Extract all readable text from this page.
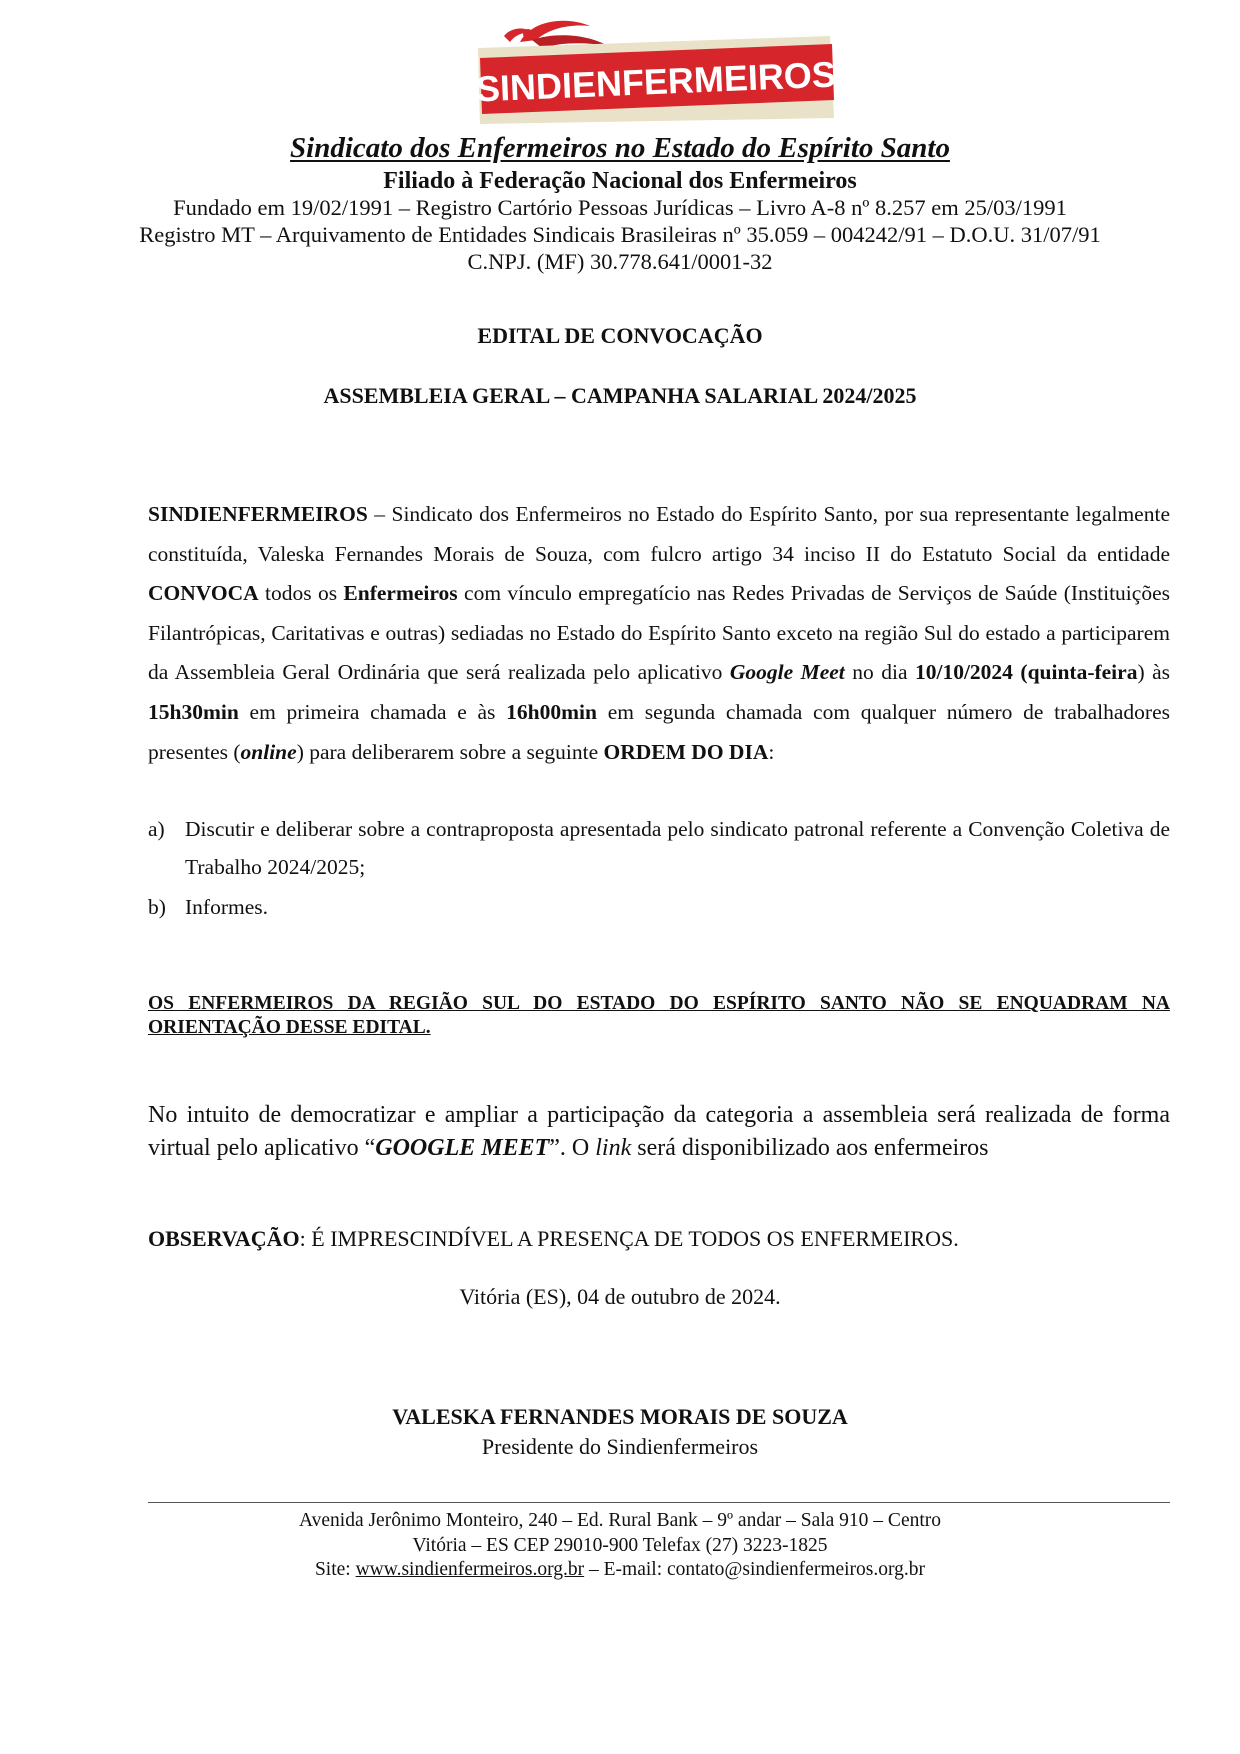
SINDIENFERMEIROS
Sindicato dos Enfermeiros no Estado do Espírito Santo
Filiado à Federação Nacional dos Enfermeiros
Fundado em 19/02/1991 – Registro Cartório Pessoas Jurídicas – Livro A-8 nº 8.257 em 25/03/1991
Registro MT – Arquivamento de Entidades Sindicais Brasileiras nº 35.059 – 004242/91 – D.O.U. 31/07/91
C.NPJ. (MF) 30.778.641/0001-32
EDITAL DE CONVOCAÇÃO
ASSEMBLEIA GERAL – CAMPANHA SALARIAL 2024/2025
SINDIENFERMEIROS – Sindicato dos Enfermeiros no Estado do Espírito Santo, por sua representante legalmente constituída, Valeska Fernandes Morais de Souza, com fulcro artigo 34 inciso II do Estatuto Social da entidade CONVOCA todos os Enfermeiros com vínculo empregatício nas Redes Privadas de Serviços de Saúde (Instituições Filantrópicas, Caritativas e outras) sediadas no Estado do Espírito Santo exceto na região Sul do estado a participarem da Assembleia Geral Ordinária que será realizada pelo aplicativo Google Meet no dia 10/10/2024 (quinta-feira) às 15h30min em primeira chamada e às 16h00min em segunda chamada com qualquer número de trabalhadores presentes (online) para deliberarem sobre a seguinte ORDEM DO DIA:
a) Discutir e deliberar sobre a contraproposta apresentada pelo sindicato patronal referente a Convenção Coletiva de Trabalho 2024/2025;
b) Informes.
OS ENFERMEIROS DA REGIÃO SUL DO ESTADO DO ESPÍRITO SANTO NÃO SE ENQUADRAM NA ORIENTAÇÃO DESSE EDITAL.
No intuito de democratizar e ampliar a participação da categoria a assembleia será realizada de forma virtual pelo aplicativo “GOOGLE MEET”. O link será disponibilizado aos enfermeiros
OBSERVAÇÃO: É IMPRESCINDÍVEL A PRESENÇA DE TODOS OS ENFERMEIROS.
Vitória (ES), 04 de outubro de 2024.
VALESKA FERNANDES MORAIS DE SOUZA
Presidente do Sindienfermeiros
Avenida Jerônimo Monteiro, 240 – Ed. Rural Bank – 9º andar – Sala 910 – Centro
Vitória – ES CEP 29010-900 Telefax (27) 3223-1825
Site: www.sindienfermeiros.org.br – E-mail: contato@sindienfermeiros.org.br
